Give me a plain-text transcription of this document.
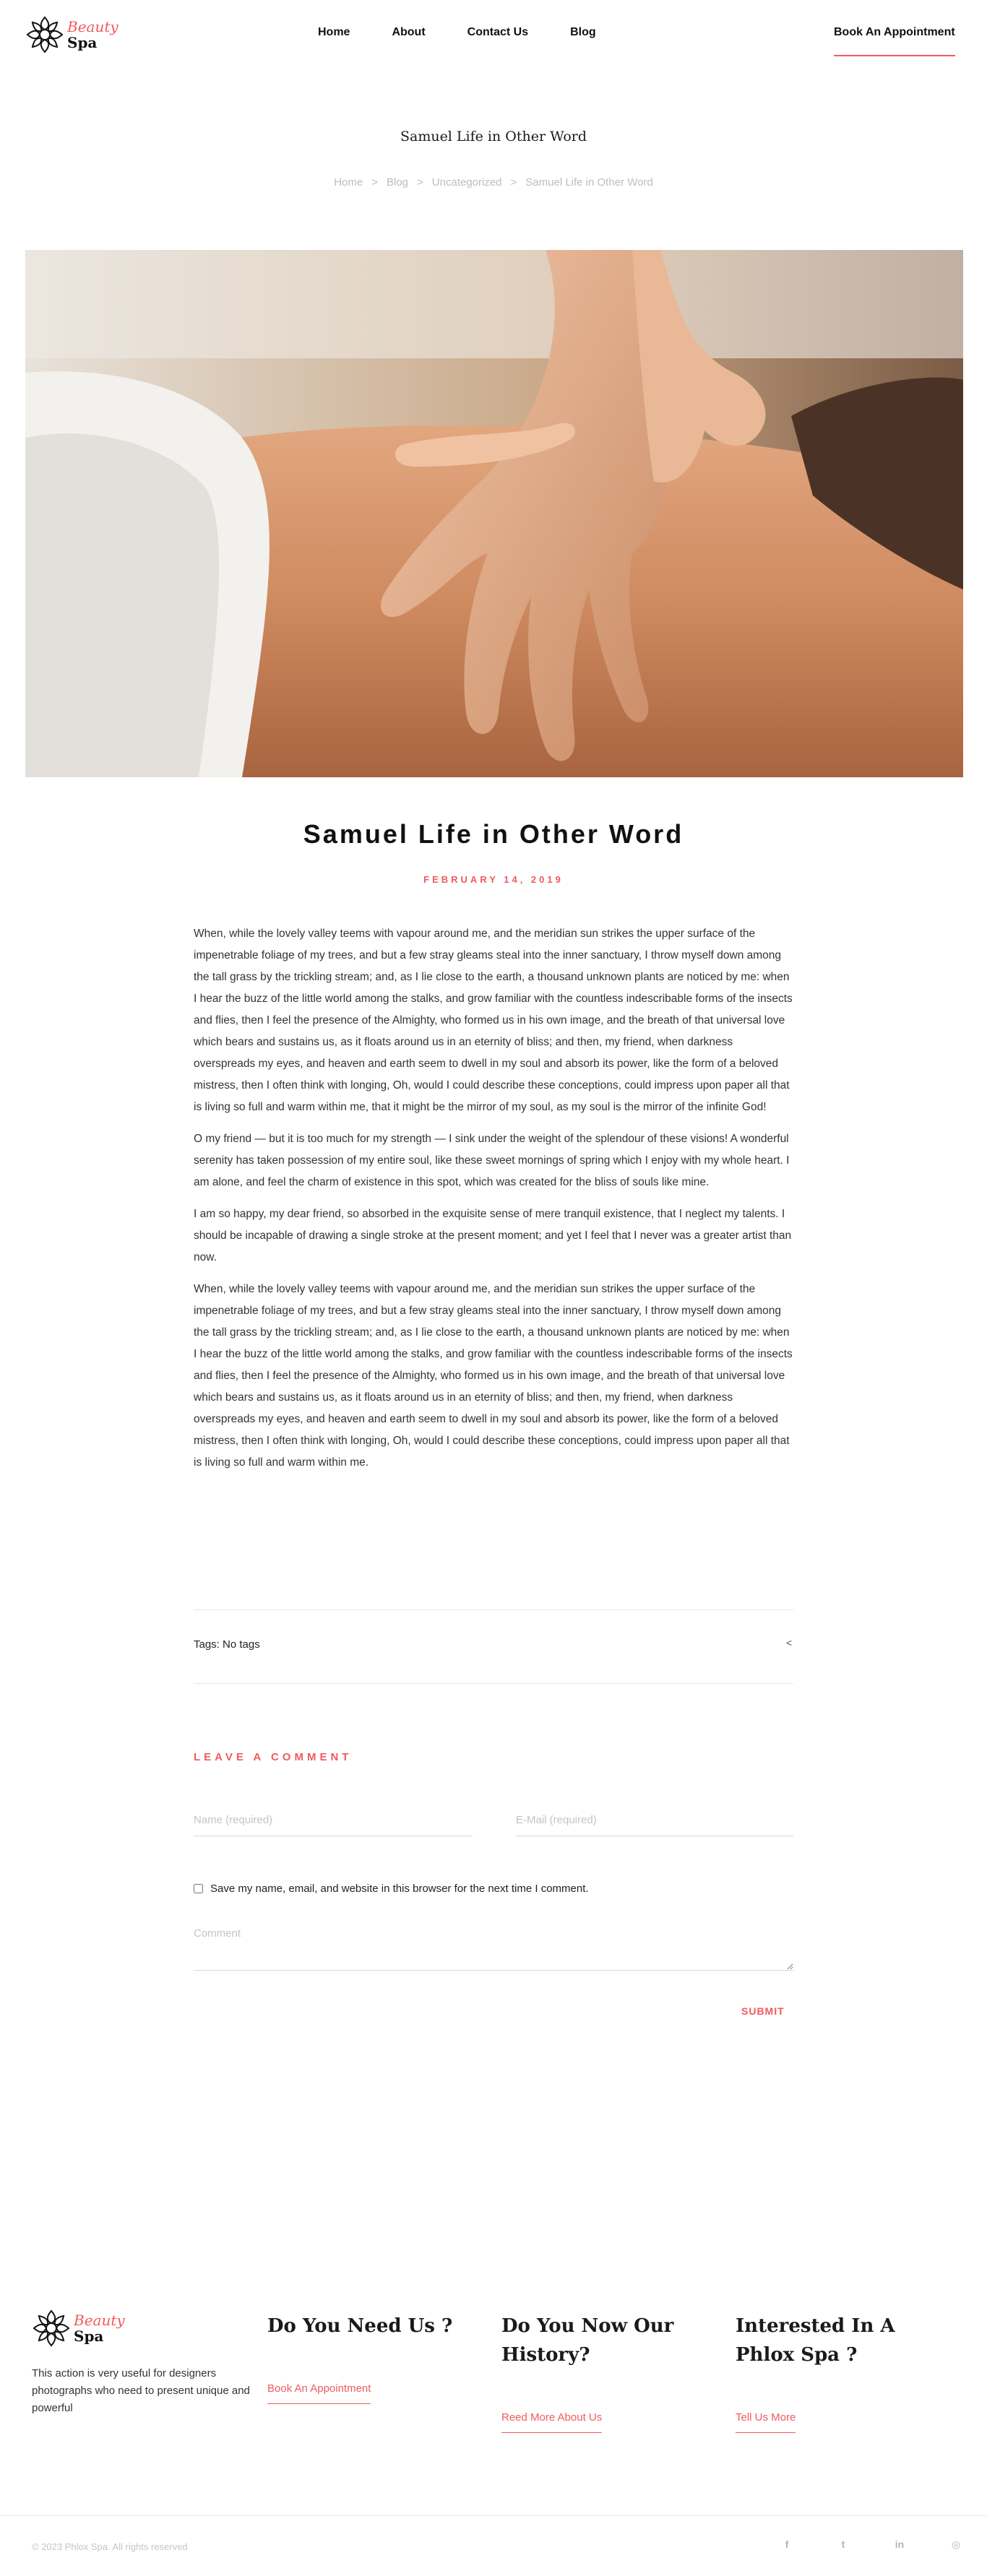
Beauty
Spa
Home	About	Contact Us	Blog	Book An Appointment
Samuel Life in Other Word
Home > Blog > Uncategorized > Samuel Life in Other Word
Samuel Life in Other Word
FEBRUARY 14, 2019

When, while the lovely valley teems with vapour around me, and the meridian sun strikes the upper surface of the impenetrable foliage of my trees, and but a few stray gleams steal into the inner sanctuary, I throw myself down among the tall grass by the trickling stream; and, as I lie close to the earth, a thousand unknown plants are noticed by me: when I hear the buzz of the little world among the stalks, and grow familiar with the countless indescribable forms of the insects and flies, then I feel the presence of the Almighty, who formed us in his own image, and the breath of that universal love which bears and sustains us, as it floats around us in an eternity of bliss; and then, my friend, when darkness overspreads my eyes, and heaven and earth seem to dwell in my soul and absorb its power, like the form of a beloved mistress, then I often think with longing, Oh, would I could describe these conceptions, could impress upon paper all that is living so full and warm within me, that it might be the mirror of my soul, as my soul is the mirror of the infinite God!

O my friend — but it is too much for my strength — I sink under the weight of the splendour of these visions! A wonderful serenity has taken possession of my entire soul, like these sweet mornings of spring which I enjoy with my whole heart. I am alone, and feel the charm of existence in this spot, which was created for the bliss of souls like mine.

I am so happy, my dear friend, so absorbed in the exquisite sense of mere tranquil existence, that I neglect my talents. I should be incapable of drawing a single stroke at the present moment; and yet I feel that I never was a greater artist than now.

When, while the lovely valley teems with vapour around me, and the meridian sun strikes the upper surface of the impenetrable foliage of my trees, and but a few stray gleams steal into the inner sanctuary, I throw myself down among the tall grass by the trickling stream; and, as I lie close to the earth, a thousand unknown plants are noticed by me: when I hear the buzz of the little world among the stalks, and grow familiar with the countless indescribable forms of the insects and flies, then I feel the presence of the Almighty, who formed us in his own image, and the breath of that universal love which bears and sustains us, as it floats around us in an eternity of bliss; and then, my friend, when darkness overspreads my eyes, and heaven and earth seem to dwell in my soul and absorb its power, like the form of a beloved mistress, then I often think with longing, Oh, would I could describe these conceptions, could impress upon paper all that is living so full and warm within me.

Tags: No tags	<
LEAVE A COMMENT
Name (required)
E-Mail (required)
Save my name, email, and website in this browser for the next time I comment.
Comment
SUBMIT
Beauty
Spa
This action is very useful for designers photographs who need to present unique and powerful
Do You Need Us ?
Book An Appointment
Do You Now Our History?
Reed More About Us
Interested In A Phlox Spa ?
Tell Us More
© 2023 Phlox Spa. All rights reserved	f	t	in	◎
